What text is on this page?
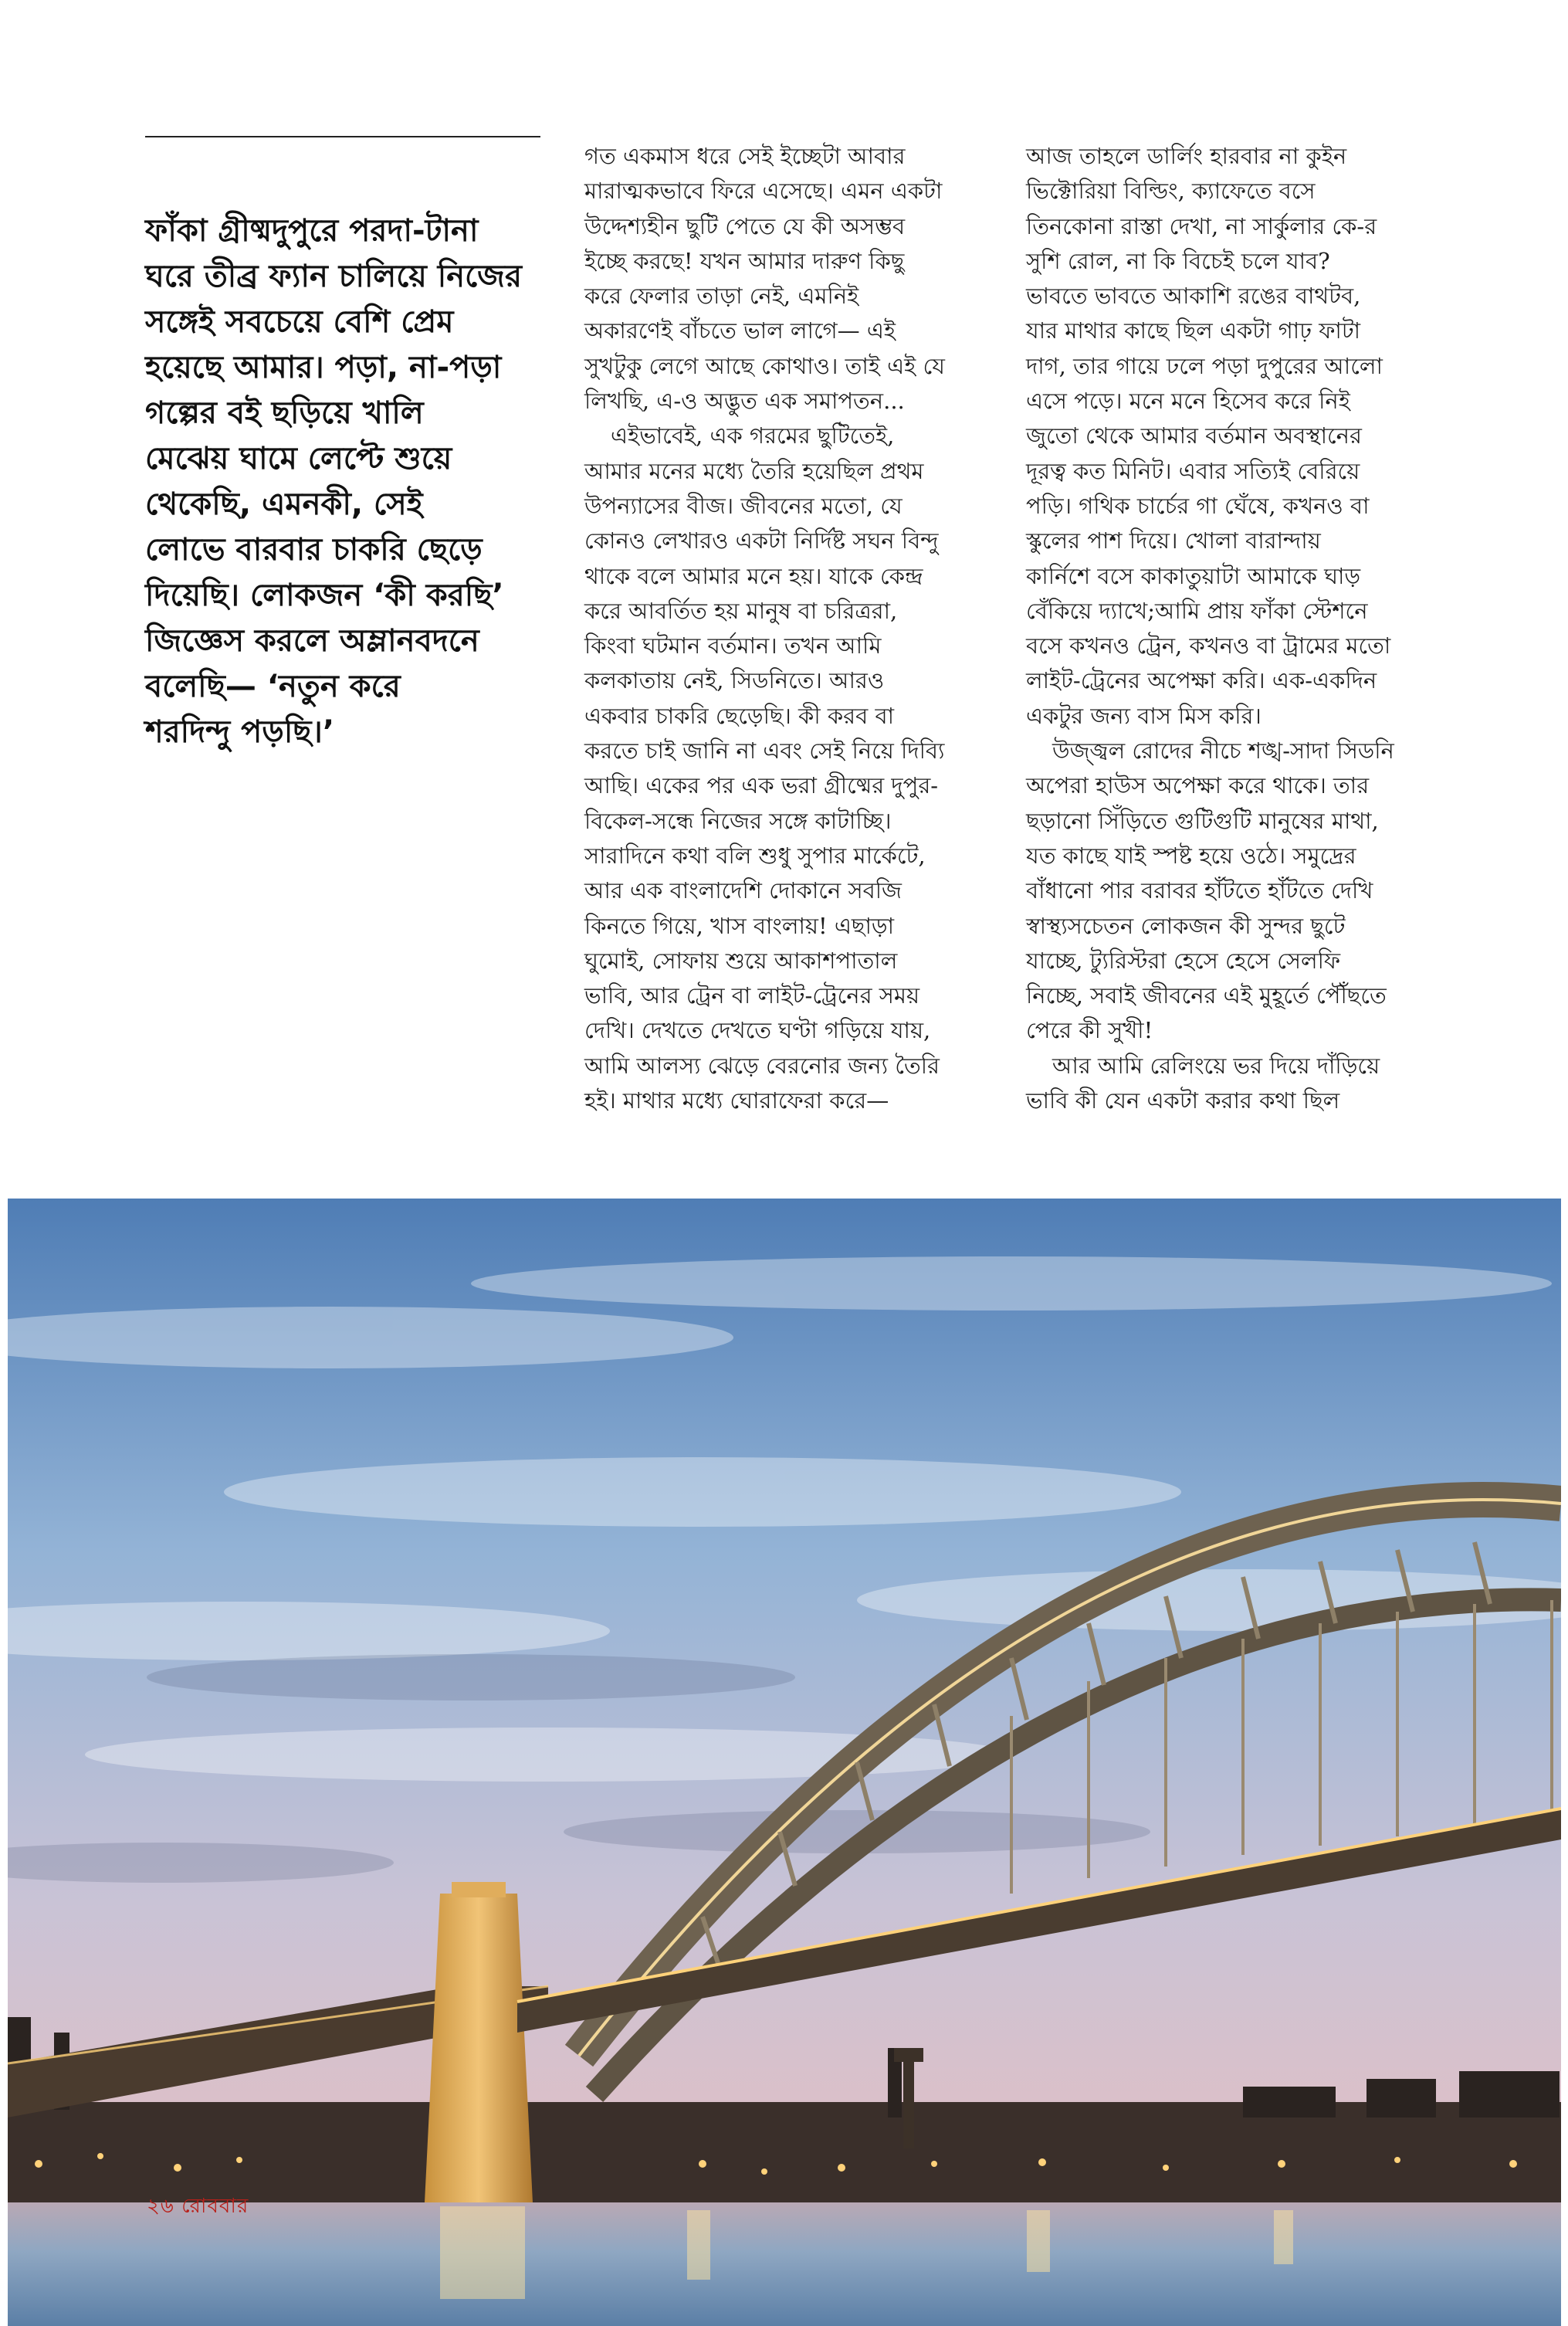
ফাঁকা গ্রীষ্মদুপুরে পরদা-টানা
ঘরে তীব্র ফ্যান চালিয়ে নিজের
সঙ্গেই সবচেয়ে বেশি প্রেম
হয়েছে আমার। পড়া, না-পড়া
গল্পের বই ছড়িয়ে খালি
মেঝেয় ঘামে লেপ্টে শুয়ে
থেকেছি, এমনকী, সেই
লোভে বারবার চাকরি ছেড়ে
দিয়েছি। লোকজন ‘কী করছি’
জিজ্ঞেস করলে অম্লানবদনে
বলেছি— ‘নতুন করে
শরদিন্দু পড়ছি।’

গত একমাস ধরে সেই ইচ্ছেটা আবার
মারাত্মকভাবে ফিরে এসেছে। এমন একটা
উদ্দেশ্যহীন ছুটি পেতে যে কী অসম্ভব
ইচ্ছে করছে! যখন আমার দারুণ কিছু
করে ফেলার তাড়া নেই, এমনিই
অকারণেই বাঁচতে ভাল লাগে— এই
সুখটুকু লেগে আছে কোথাও। তাই এই যে
লিখছি, এ-ও অদ্ভুত এক সমাপতন...

এইভাবেই, এক গরমের ছুটিতেই,
আমার মনের মধ্যে তৈরি হয়েছিল প্রথম
উপন্যাসের বীজ। জীবনের মতো, যে
কোনও লেখারও একটা নির্দিষ্ট সঘন বিন্দু
থাকে বলে আমার মনে হয়। যাকে কেন্দ্র
করে আবর্তিত হয় মানুষ বা চরিত্ররা,
কিংবা ঘটমান বর্তমান। তখন আমি
কলকাতায় নেই, সিডনিতে। আরও
একবার চাকরি ছেড়েছি। কী করব বা
করতে চাই জানি না এবং সেই নিয়ে দিব্যি
আছি। একের পর এক ভরা গ্রীষ্মের দুপুর-
বিকেল-সন্ধে নিজের সঙ্গে কাটাচ্ছি।
সারাদিনে কথা বলি শুধু সুপার মার্কেটে,
আর এক বাংলাদেশি দোকানে সবজি
কিনতে গিয়ে, খাস বাংলায়! এছাড়া
ঘুমোই, সোফায় শুয়ে আকাশপাতাল
ভাবি, আর ট্রেন বা লাইট-ট্রেনের সময়
দেখি। দেখতে দেখতে ঘণ্টা গড়িয়ে যায়,
আমি আলস্য ঝেড়ে বেরনোর জন্য তৈরি
হই। মাথার মধ্যে ঘোরাফেরা করে—

আজ তাহলে ডার্লিং হারবার না কুইন
ভিক্টোরিয়া বিল্ডিং, ক্যাফেতে বসে
তিনকোনা রাস্তা দেখা, না সার্কুলার কে-র
সুশি রোল, না কি বিচেই চলে যাব?
ভাবতে ভাবতে আকাশি রঙের বাথটব,
যার মাথার কাছে ছিল একটা গাঢ় ফাটা
দাগ, তার গায়ে ঢলে পড়া দুপুরের আলো
এসে পড়ে। মনে মনে হিসেব করে নিই
জুতো থেকে আমার বর্তমান অবস্থানের
দূরত্ব কত মিনিট। এবার সত্যিই বেরিয়ে
পড়ি। গথিক চার্চের গা ঘেঁষে, কখনও বা
স্কুলের পাশ দিয়ে। খোলা বারান্দায়
কার্নিশে বসে কাকাতুয়াটা আমাকে ঘাড়
বেঁকিয়ে দ্যাখে;আমি প্রায় ফাঁকা স্টেশনে
বসে কখনও ট্রেন, কখনও বা ট্রামের মতো
লাইট-ট্রেনের অপেক্ষা করি। এক-একদিন
একটুর জন্য বাস মিস করি।

উজ্জ্বল রোদের নীচে শঙ্খ-সাদা সিডনি
অপেরা হাউস অপেক্ষা করে থাকে। তার
ছড়ানো সিঁড়িতে গুটিগুটি মানুষের মাথা,
যত কাছে যাই স্পষ্ট হয়ে ওঠে। সমুদ্রের
বাঁধানো পার বরাবর হাঁটতে হাঁটতে দেখি
স্বাস্থ্যসচেতন লোকজন কী সুন্দর ছুটে
যাচ্ছে, ট্যুরিস্টরা হেসে হেসে সেলফি
নিচ্ছে, সবাই জীবনের এই মুহূর্তে পৌঁছতে
পেরে কী সুখী!

আর আমি রেলিংয়ে ভর দিয়ে দাঁড়িয়ে
ভাবি কী যেন একটা করার কথা ছিল

২৬ রোববার
